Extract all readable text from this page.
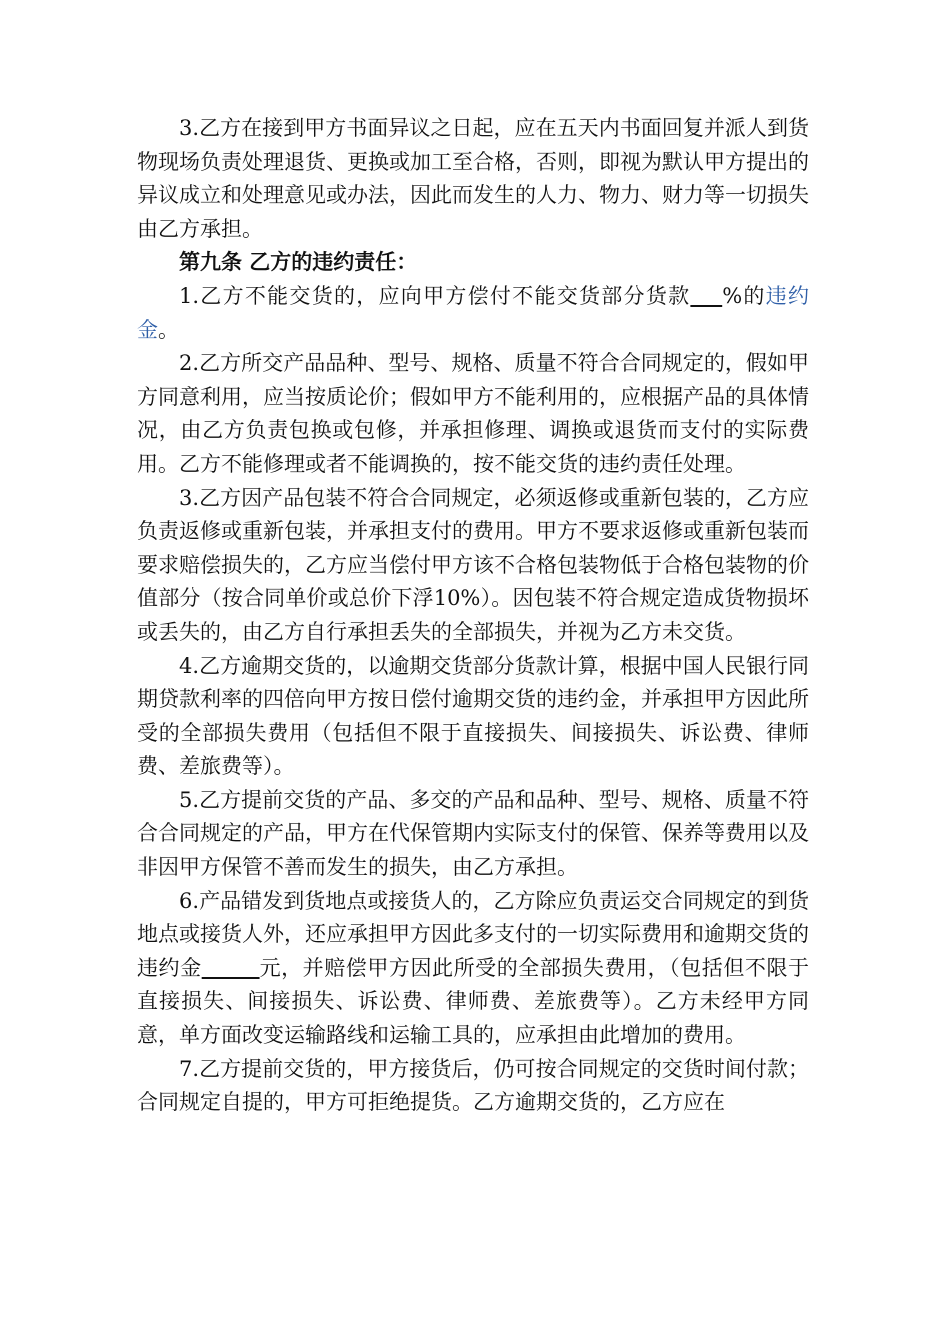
3.乙方在接到甲方书面异议之日起，应在五天内书面回复并派人到货物现场负责处理退货、更换或加工至合格，否则，即视为默认甲方提出的异议成立和处理意见或办法，因此而发生的人力、物力、财力等一切损失由乙方承担。

第九条 乙方的违约责任：

1.乙方不能交货的，应向甲方偿付不能交货部分货款 %的违约金。

2.乙方所交产品品种、型号、规格、质量不符合合同规定的，假如甲方同意利用，应当按质论价；假如甲方不能利用的，应根据产品的具体情况，由乙方负责包换或包修，并承担修理、调换或退货而支付的实际费用。乙方不能修理或者不能调换的，按不能交货的违约责任处理。

3.乙方因产品包装不符合合同规定，必须返修或重新包装的，乙方应负责返修或重新包装，并承担支付的费用。甲方不要求返修或重新包装而要求赔偿损失的，乙方应当偿付甲方该不合格包装物低于合格包装物的价值部分（按合同单价或总价下浮10%）。因包装不符合规定造成货物损坏或丢失的，由乙方自行承担丢失的全部损失，并视为乙方未交货。

4.乙方逾期交货的，以逾期交货部分货款计算，根据中国人民银行同期贷款利率的四倍向甲方按日偿付逾期交货的违约金，并承担甲方因此所受的全部损失费用（包括但不限于直接损失、间接损失、诉讼费、律师费、差旅费等）。

5.乙方提前交货的产品、多交的产品和品种、型号、规格、质量不符合合同规定的产品，甲方在代保管期内实际支付的保管、保养等费用以及非因甲方保管不善而发生的损失，由乙方承担。

6.产品错发到货地点或接货人的，乙方除应负责运交合同规定的到货地点或接货人外，还应承担甲方因此多支付的一切实际费用和逾期交货的违约金	元，并赔偿甲方因此所受的全部损失费用，（包括但不限于直接损失、间接损失、诉讼费、律师费、差旅费等）。乙方未经甲方同意，单方面改变运输路线和运输工具的，应承担由此增加的费用。

7.乙方提前交货的，甲方接货后，仍可按合同规定的交货时间付款；合同规定自提的，甲方可拒绝提货。乙方逾期交货的，乙方应在
